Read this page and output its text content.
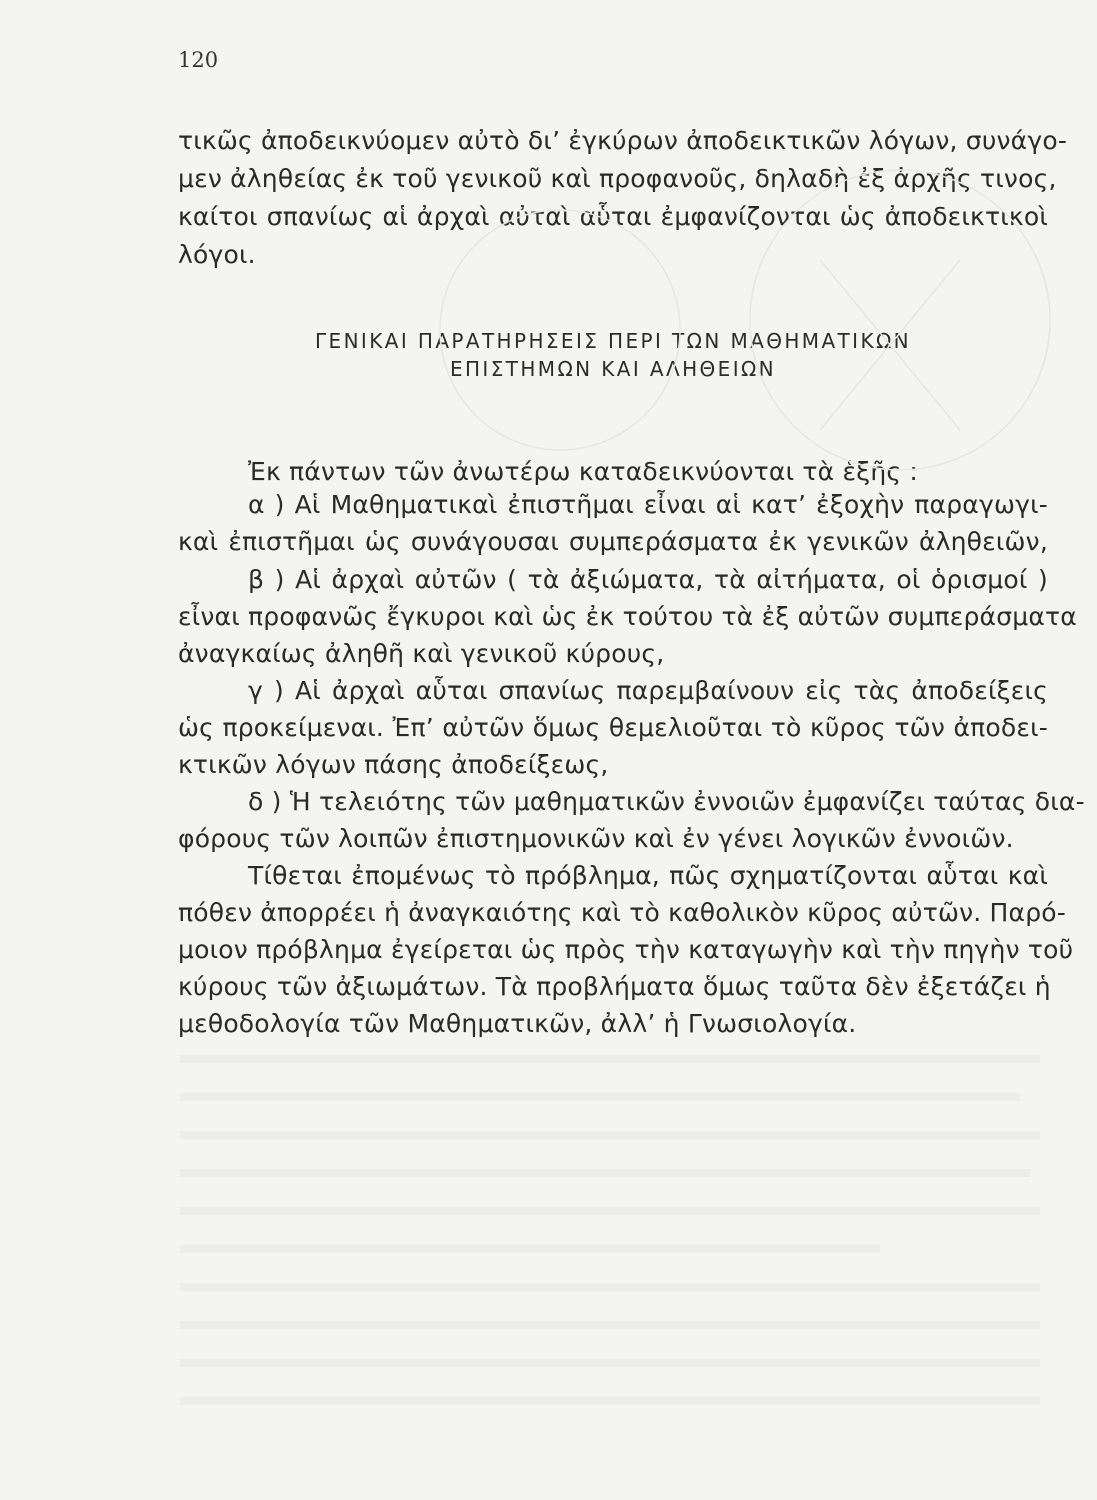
120
τικῶς ἀποδεικνύομεν αὐτὸ δι’ ἐγκύρων ἀποδεικτικῶν λόγων, συνάγο-
μεν ἀληθείας ἐκ τοῦ γενικοῦ καὶ προφανοῦς, δηλαδὴ ἐξ ἀρχῆς τινος,
καίτοι σπανίως αἱ ἀρχαὶ αὐταὶ αὗται ἐμφανίζονται ὡς ἀποδεικτικοὶ
λόγοι.
ΓΕΝΙΚΑΙ ΠΑΡΑΤΗΡΗΣΕΙΣ ΠΕΡΙ ΤΩΝ ΜΑΘΗΜΑΤΙΚΩΝ
ΕΠΙΣΤΗΜΩΝ ΚΑΙ ΑΛΗΘΕΙΩΝ
Ἐκ πάντων τῶν ἀνωτέρω καταδεικνύονται τὰ ἑξῆς :
α ) Αἱ Μαθηματικαὶ ἐπιστῆμαι εἶναι αἱ κατ’ ἐξοχὴν παραγωγι-
καὶ ἐπιστῆμαι ὡς συνάγουσαι συμπεράσματα ἐκ γενικῶν ἀληθειῶν,
β ) Αἱ ἀρχαὶ αὐτῶν ( τὰ ἀξιώματα, τὰ αἰτήματα, οἱ ὁρισμοί )
εἶναι προφανῶς ἔγκυροι καὶ ὡς ἐκ τούτου τὰ ἐξ αὐτῶν συμπεράσματα
ἀναγκαίως ἀληθῆ καὶ γενικοῦ κύρους,
γ ) Αἱ ἀρχαὶ αὗται σπανίως παρεμβαίνουν εἰς τὰς ἀποδείξεις
ὡς προκείμεναι. Ἐπ’ αὐτῶν ὅμως θεμελιοῦται τὸ κῦρος τῶν ἀποδει-
κτικῶν λόγων πάσης ἀποδείξεως,
δ ) Ἡ τελειότης τῶν μαθηματικῶν ἐννοιῶν ἐμφανίζει ταύτας δια-
φόρους τῶν λοιπῶν ἐπιστημονικῶν καὶ ἐν γένει λογικῶν ἐννοιῶν.
Τίθεται ἐπομένως τὸ πρόβλημα, πῶς σχηματίζονται αὗται καὶ
πόθεν ἀπορρέει ἡ ἀναγκαιότης καὶ τὸ καθολικὸν κῦρος αὐτῶν. Παρό-
μοιον πρόβλημα ἐγείρεται ὡς πρὸς τὴν καταγωγὴν καὶ τὴν πηγὴν τοῦ
κύρους τῶν ἀξιωμάτων. Τὰ προβλήματα ὅμως ταῦτα δὲν ἐξετάζει ἡ
μεθοδολογία τῶν Μαθηματικῶν, ἀλλ’ ἡ Γνωσιολογία.
